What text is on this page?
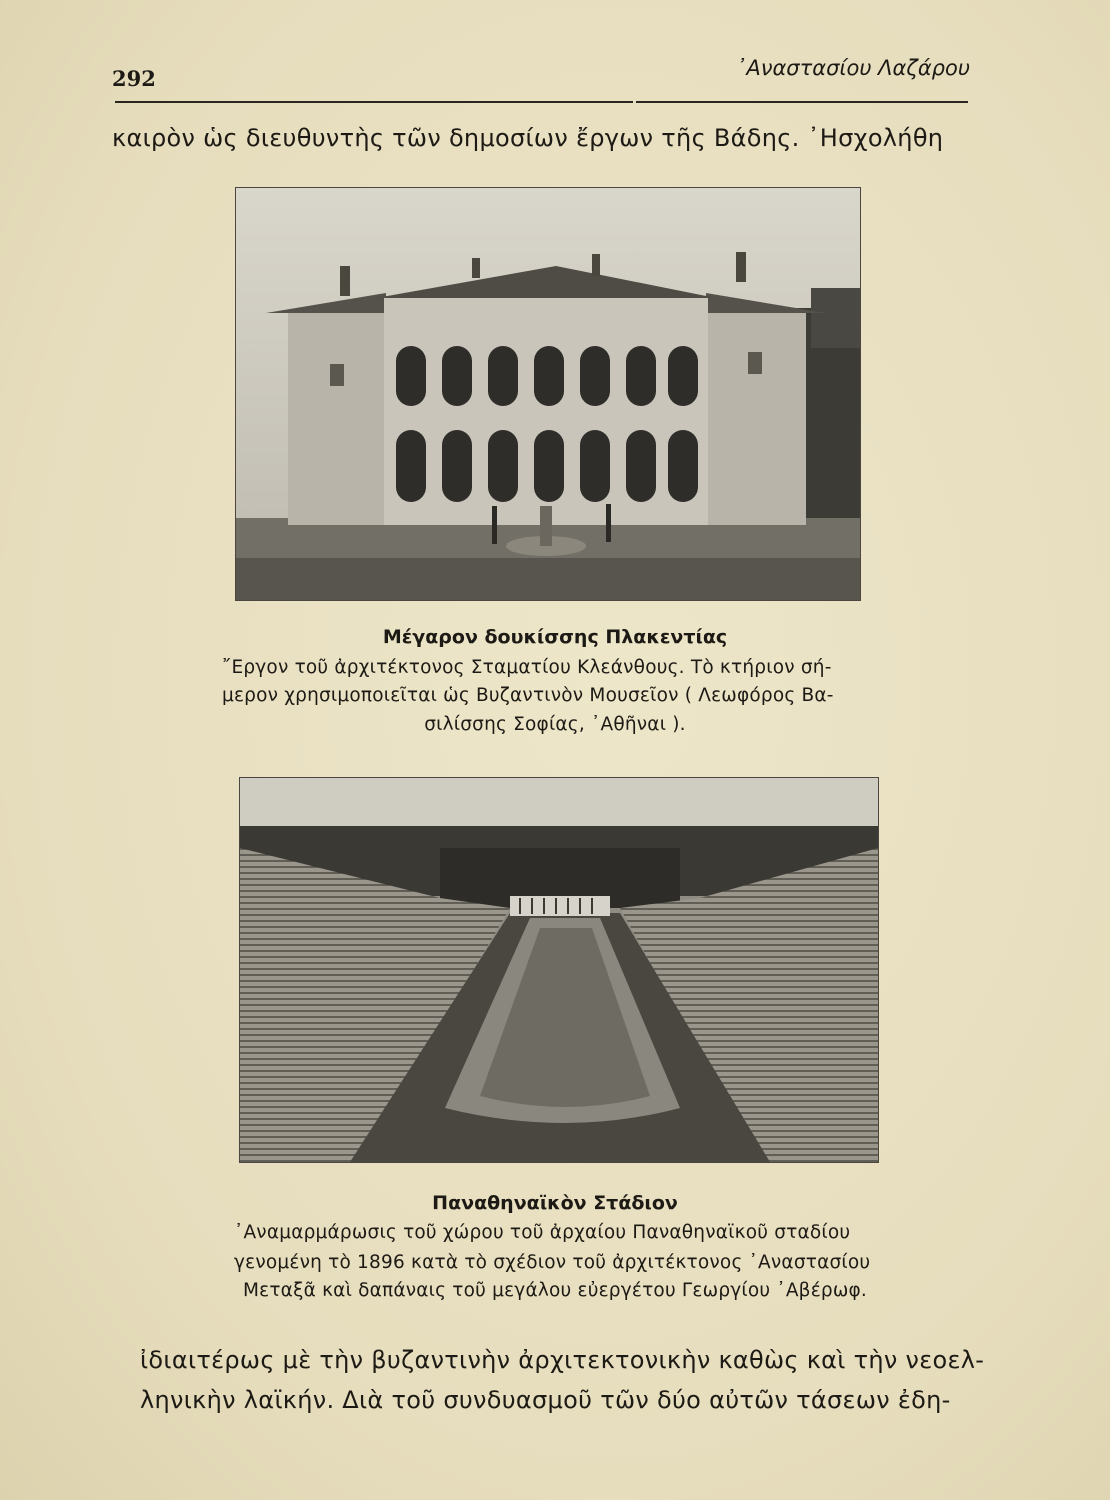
292	᾿Αναστασίου Λαζάρου
καιρὸν ὡς διευθυντὴς τῶν δημοσίων ἔργων τῆς Βάδης. ᾿Ησχολήθη
Μέγαρον δουκίσσης Πλακεντίας
῎Εργον τοῦ ἀρχιτέκτονος Σταματίου Κλεάνθους. Τὸ κτήριον σή-
μερον χρησιμοποιεῖται ὡς Βυζαντινὸν Μουσεῖον ( Λεωφόρος Βα-
σιλίσσης Σοφίας, ᾿Αθῆναι ).
Παναθηναϊκὸν Στάδιον
᾿Αναμαρμάρωσις τοῦ χώρου τοῦ ἀρχαίου Παναθηναϊκοῦ σταδίου
γενομένη τὸ 1896 κατὰ τὸ σχέδιον τοῦ ἀρχιτέκτονος ᾿Αναστασίου
Μεταξᾶ καὶ δαπάναις τοῦ μεγάλου εὐεργέτου Γεωργίου ᾿Αβέρωφ.
ἰδιαιτέρως μὲ τὴν βυζαντινὴν ἀρχιτεκτονικὴν καθὼς καὶ τὴν νεοελ-
ληνικὴν λαϊκήν. Διὰ τοῦ συνδυασμοῦ τῶν δύο αὐτῶν τάσεων ἐδη-
